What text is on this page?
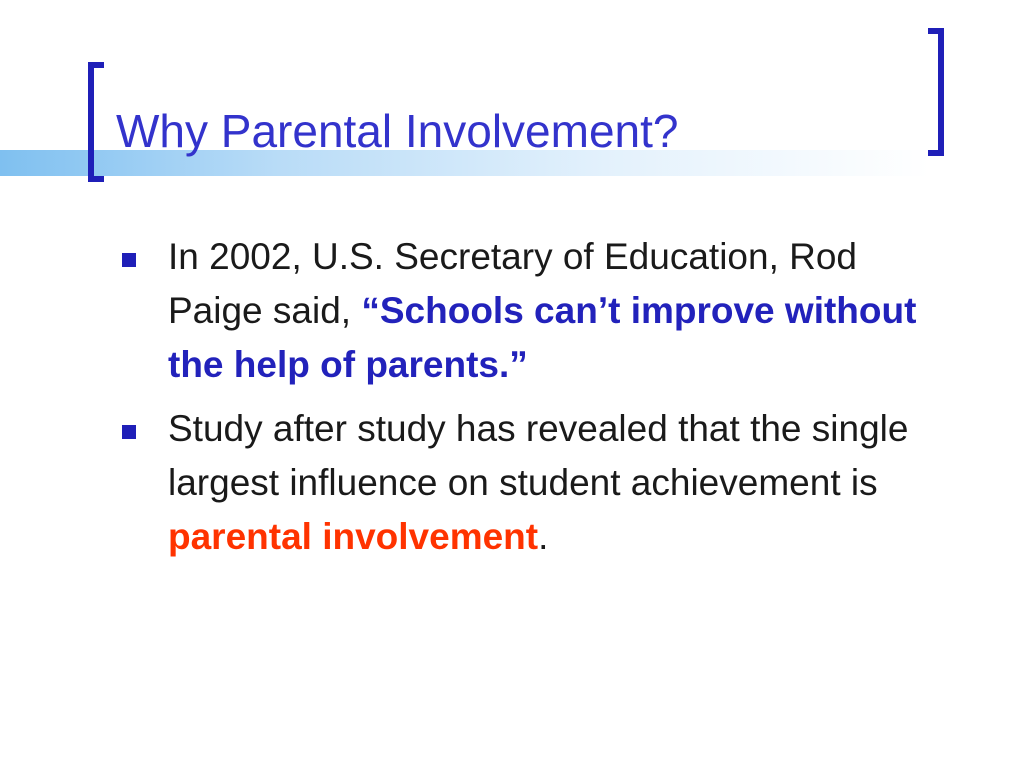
Why Parental Involvement?
In 2002, U.S. Secretary of Education, Rod Paige said, “Schools can’t improve without the help of parents.”
Study after study has revealed that the single largest influence on student achievement is parental involvement.
